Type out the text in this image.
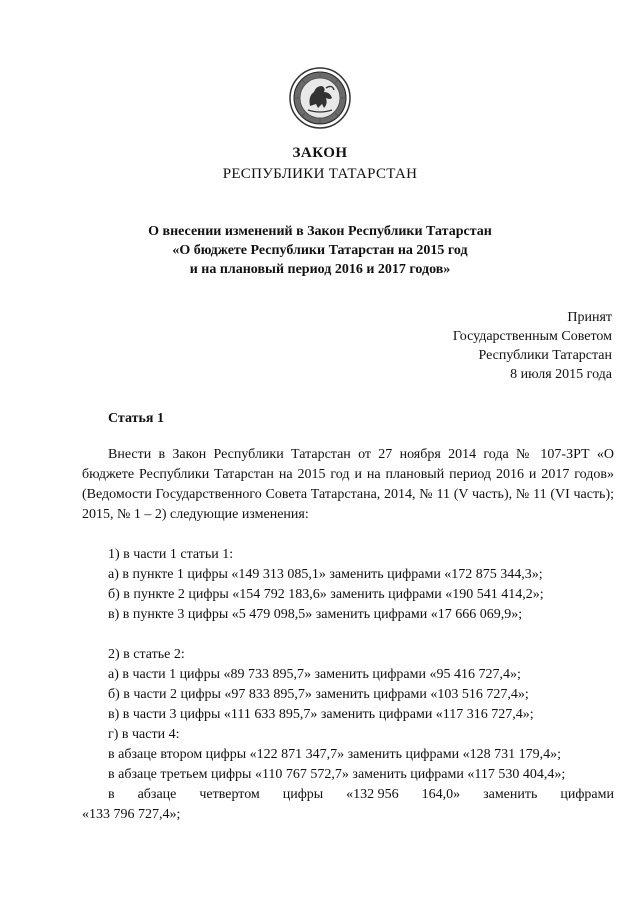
ЗАКОН
РЕСПУБЛИКИ ТАТАРСТАН
О внесении изменений в Закон Республики Татарстан
«О бюджете Республики Татарстан на 2015 год
и на плановый период 2016 и 2017 годов»
Принят
Государственным Советом
Республики Татарстан
8 июля 2015 года
Статья 1

Внести в Закон Республики Татарстан от 27 ноября 2014 года № 107-ЗРТ «О бюджете Республики Татарстан на 2015 год и на плановый период 2016 и 2017 годов» (Ведомости Государственного Совета Татарстана, 2014, № 11 (V часть), № 11 (VI часть); 2015, № 1 – 2) следующие изменения:

1) в части 1 статьи 1:

а) в пункте 1 цифры «149 313 085,1» заменить цифрами «172 875 344,3»;

б) в пункте 2 цифры «154 792 183,6» заменить цифрами «190 541 414,2»;

в) в пункте 3 цифры «5 479 098,5» заменить цифрами «17 666 069,9»;

2) в статье 2:

а) в части 1 цифры «89 733 895,7» заменить цифрами «95 416 727,4»;

б) в части 2 цифры «97 833 895,7» заменить цифрами «103 516 727,4»;

в) в части 3 цифры «111 633 895,7» заменить цифрами «117 316 727,4»;

г) в части 4:

в абзаце втором цифры «122 871 347,7» заменить цифрами «128 731 179,4»;

в абзаце третьем цифры «110 767 572,7» заменить цифрами «117 530 404,4»;

в абзаце четвертом цифры «132 956 164,0» заменить цифрами

«133 796 727,4»;
